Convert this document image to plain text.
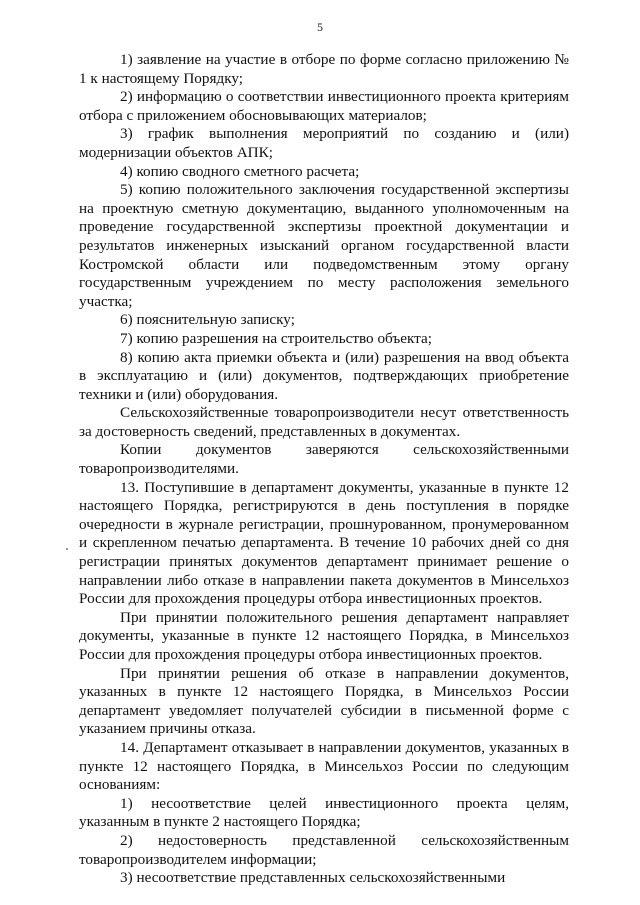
5

1) заявление на участие в отборе по форме согласно приложению № 1 к настоящему Порядку;

2) информацию о соответствии инвестиционного проекта критериям отбора с приложением обосновывающих материалов;

3) график выполнения мероприятий по созданию и (или) модернизации объектов АПК;

4) копию сводного сметного расчета;

5) копию положительного заключения государственной экспертизы на проектную сметную документацию, выданного уполномоченным на проведение государственной экспертизы проектной документации и результатов инженерных изысканий органом государственной власти Костромской области или подведомственным этому органу государственным учреждением по месту расположения земельного участка;

6) пояснительную записку;

7) копию разрешения на строительство объекта;

8) копию акта приемки объекта и (или) разрешения на ввод объекта в эксплуатацию и (или) документов, подтверждающих приобретение техники и (или) оборудования.

Сельскохозяйственные товаропроизводители несут ответственность за достоверность сведений, представленных в документах.

Копии документов заверяются сельскохозяйственными товаропроизводителями.

13. Поступившие в департамент документы, указанные в пункте 12 настоящего Порядка, регистрируются в день поступления в порядке очередности в журнале регистрации, прошнурованном, пронумерованном и скрепленном печатью департамента. В течение 10 рабочих дней со дня регистрации принятых документов департамент принимает решение о направлении либо отказе в направлении пакета документов в Минсельхоз России для прохождения процедуры отбора инвестиционных проектов.

При принятии положительного решения департамент направляет документы, указанные в пункте 12 настоящего Порядка, в Минсельхоз России для прохождения процедуры отбора инвестиционных проектов.

При принятии решения об отказе в направлении документов, указанных в пункте 12 настоящего Порядка, в Минсельхоз России департамент уведомляет получателей субсидии в письменной форме с указанием причины отказа.

14. Департамент отказывает в направлении документов, указанных в пункте 12 настоящего Порядка, в Минсельхоз России по следующим основаниям:

1) несоответствие целей инвестиционного проекта целям, указанным в пункте 2 настоящего Порядка;

2) недостоверность представленной сельскохозяйственным товаропроизводителем информации;

3) несоответствие представленных сельскохозяйственными
